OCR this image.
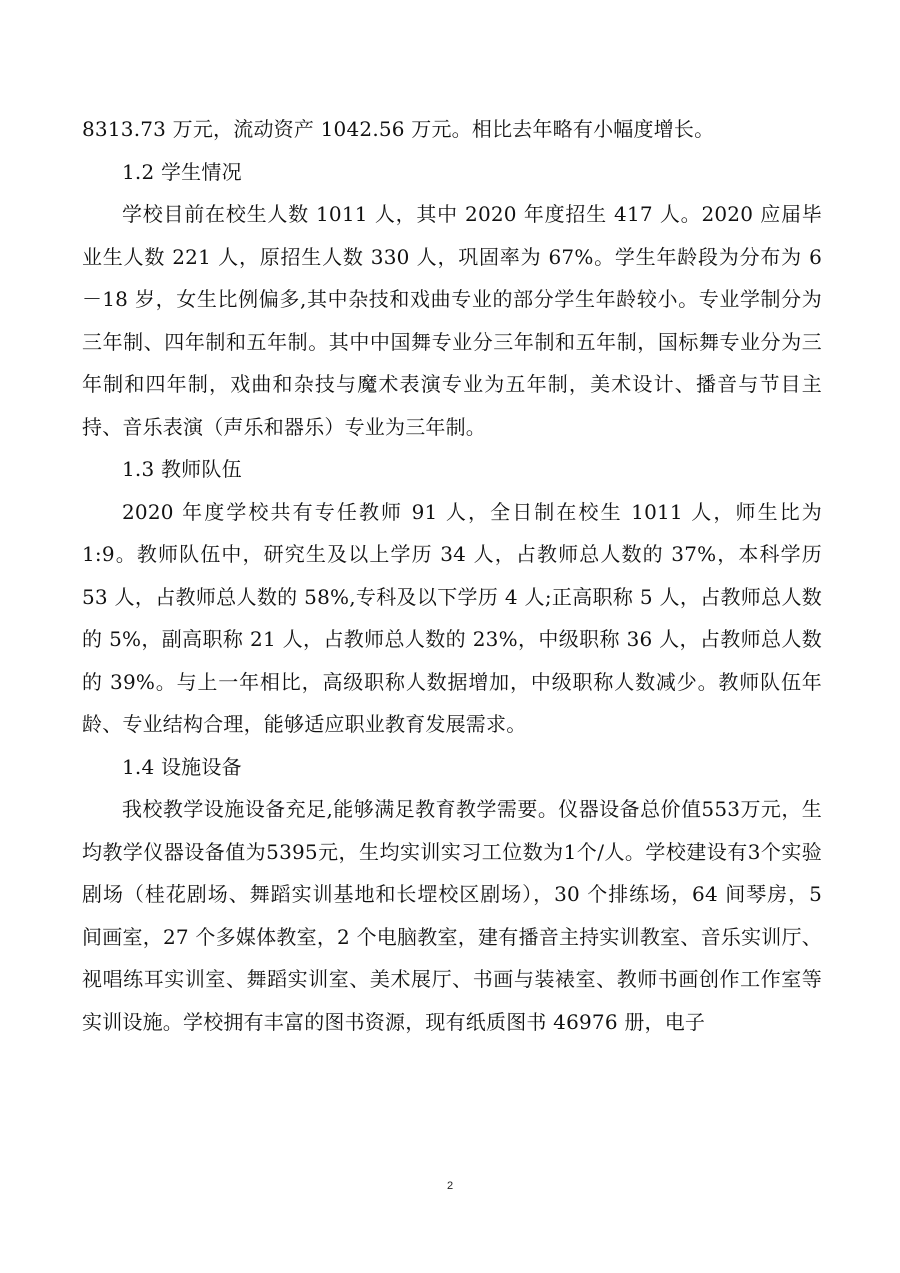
8313.73 万元，流动资产 1042.56 万元。相比去年略有小幅度增长。

1.2 学生情况

学校目前在校生人数 1011 人，其中 2020 年度招生 417 人。2020 应届毕业生人数 221 人，原招生人数 330 人，巩固率为 67%。学生年龄段为分布为 6－18 岁，女生比例偏多,其中杂技和戏曲专业的部分学生年龄较小。专业学制分为三年制、四年制和五年制。其中中国舞专业分三年制和五年制，国标舞专业分为三年制和四年制，戏曲和杂技与魔术表演专业为五年制，美术设计、播音与节目主持、音乐表演（声乐和器乐）专业为三年制。

1.3 教师队伍

2020 年度学校共有专任教师 91 人，全日制在校生 1011 人，师生比为 1:9。教师队伍中，研究生及以上学历 34 人，占教师总人数的 37%，本科学历 53 人，占教师总人数的 58%,专科及以下学历 4 人;正高职称 5 人，占教师总人数的 5%，副高职称 21 人，占教师总人数的 23%，中级职称 36 人，占教师总人数的 39%。与上一年相比，高级职称人数据增加，中级职称人数减少。教师队伍年龄、专业结构合理，能够适应职业教育发展需求。

1.4 设施设备

我校教学设施设备充足,能够满足教育教学需要。仪器设备总价值553万元，生均教学仪器设备值为5395元，生均实训实习工位数为1个/人。学校建设有3个实验剧场（桂花剧场、舞蹈实训基地和长堽校区剧场），30 个排练场，64 间琴房，5 间画室，27 个多媒体教室，2 个电脑教室，建有播音主持实训教室、音乐实训厅、视唱练耳实训室、舞蹈实训室、美术展厅、书画与装裱室、教师书画创作工作室等实训设施。学校拥有丰富的图书资源，现有纸质图书 46976 册，电子

2
